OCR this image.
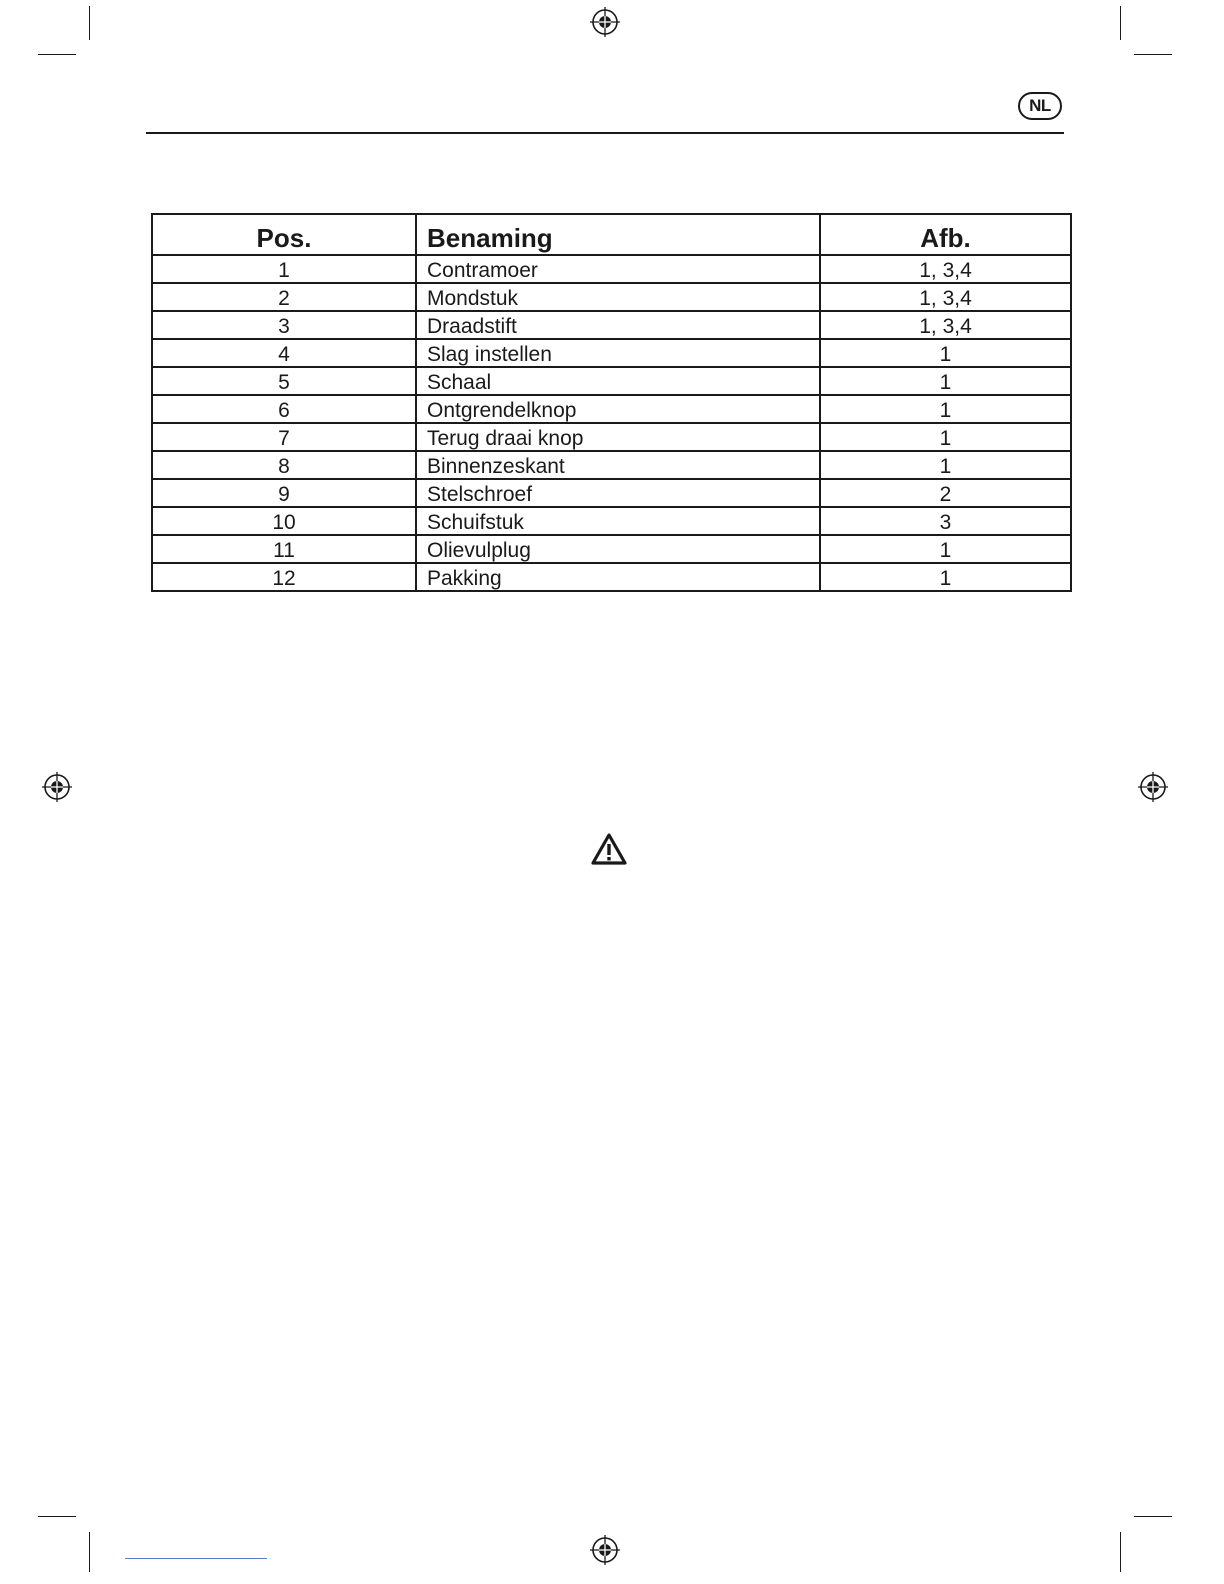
NL
Pos.	Benaming	Afb.
1	Contramoer	1, 3,4
2	Mondstuk	1, 3,4
3	Draadstift	1, 3,4
4	Slag instellen	1
5	Schaal	1
6	Ontgrendelknop	1
7	Terug draai knop	1
8	Binnenzeskant	1
9	Stelschroef	2
10	Schuifstuk	3
11	Olievulplug	1
12	Pakking	1
